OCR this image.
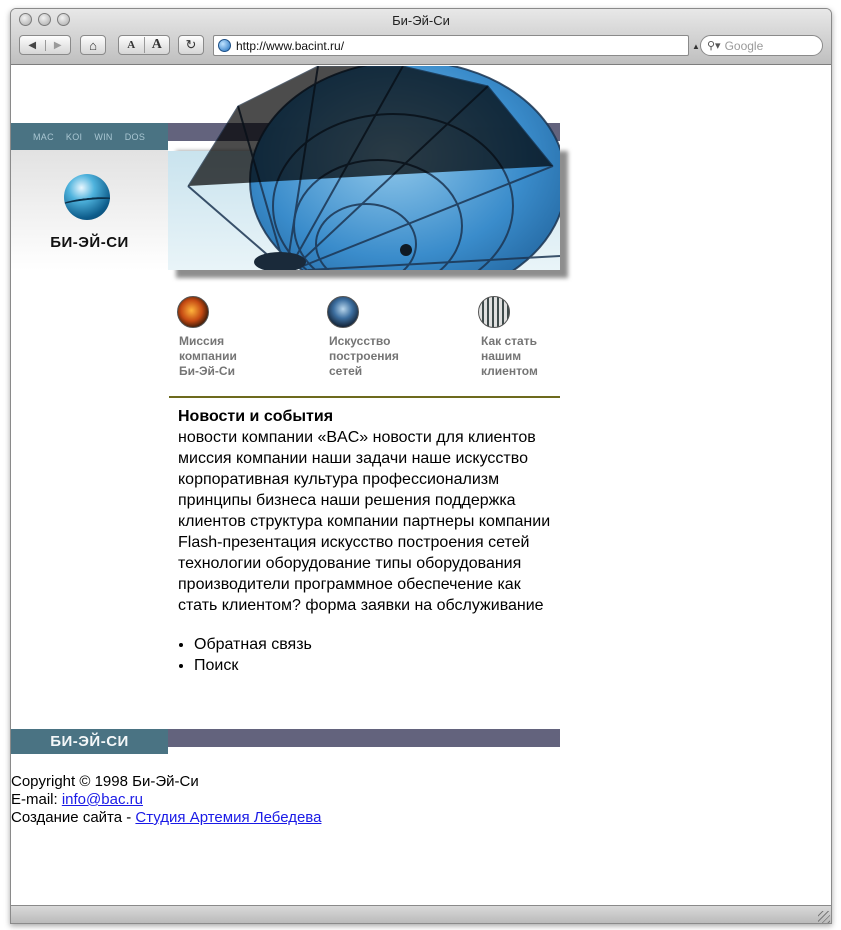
Би-Эй-Си
◀	▶	⌂	A	A	↻	http://www.bacint.ru/	▲ ⚲▾ Google
MAC KOI WIN DOS
БИ-ЭЙ-СИ
Миссия
компании
Би-Эй-Си
Искусство
построения
сетей
Как стать
нашим
клиентом
Новости и события

новости компании «BAC» новости для клиентов миссия компании наши задачи наше искусство корпоративная культура профессионализм принципы бизнеса наши решения поддержка клиентов структура компании партнеры компании Flash-презентация искусство построения сетей технологии оборудование типы оборудования производители программное обеспечение как стать клиентом? форма заявки на обслуживание

• Обратная связь
• Поиск
БИ-ЭЙ-СИ
Copyright © 1998 Би-Эй-Си
E-mail: info@bac.ru
Создание сайта - Студия Артемия Лебедева
